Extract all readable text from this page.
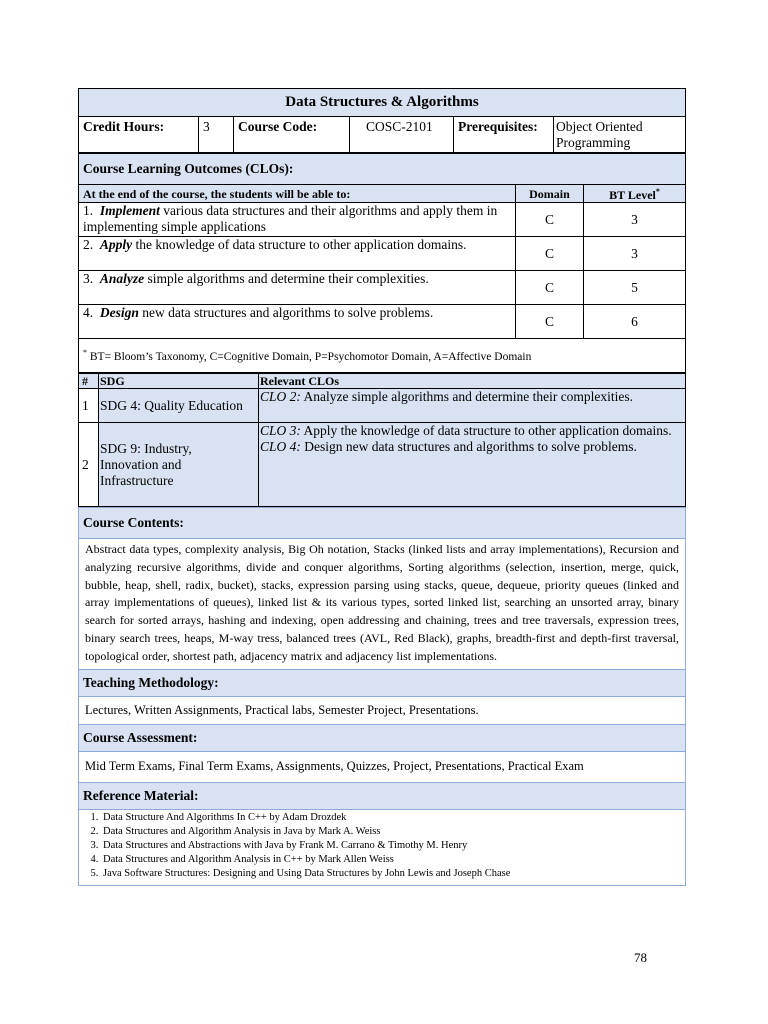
Data Structures & Algorithms
Credit Hours:	3	Course Code:	COSC-2101	Prerequisites:	Object Oriented Programming
Course Learning Outcomes (CLOs):		
At the end of the course, the students will be able to:	Domain	BT Level*
1. Implement various data structures and their algorithms and apply them in implementing simple applications	C	3
2. Apply the knowledge of data structure to other application domains.	C	3
3. Analyze simple algorithms and determine their complexities.	C	5
4. Design new data structures and algorithms to solve problems.	C	6
* BT= Bloom’s Taxonomy, C=Cognitive Domain, P=Psychomotor Domain, A=Affective Domain		
#	SDG	Relevant CLOs
1	SDG 4: Quality Education	CLO 2: Analyze simple algorithms and determine their complexities.
2	SDG 9: Industry, Innovation and Infrastructure	CLO 3: Apply the knowledge of data structure to other application domains.
CLO 4: Design new data structures and algorithms to solve problems.
Course Contents:
Abstract data types, complexity analysis, Big Oh notation, Stacks (linked lists and array implementations), Recursion and analyzing recursive algorithms, divide and conquer algorithms, Sorting algorithms (selection, insertion, merge, quick, bubble, heap, shell, radix, bucket), stacks, expression parsing using stacks, queue, dequeue, priority queues (linked and array implementations of queues), linked list & its various types, sorted linked list, searching an unsorted array, binary search for sorted arrays, hashing and indexing, open addressing and chaining, trees and tree traversals, expression trees, binary search trees, heaps, M-way tress, balanced trees (AVL, Red Black), graphs, breadth-first and depth-first traversal, topological order, shortest path, adjacency matrix and adjacency list implementations.
Teaching Methodology:
Lectures, Written Assignments, Practical labs, Semester Project, Presentations.
Course Assessment:
Mid Term Exams, Final Term Exams, Assignments, Quizzes, Project, Presentations, Practical Exam
Reference Material:

1. Data Structure And Algorithms In C++ by Adam Drozdek
2. Data Structures and Algorithm Analysis in Java by Mark A. Weiss
3. Data Structures and Abstractions with Java by Frank M. Carrano & Timothy M. Henry
4. Data Structures and Algorithm Analysis in C++ by Mark Allen Weiss
5. Java Software Structures: Designing and Using Data Structures by John Lewis and Joseph Chase
78
